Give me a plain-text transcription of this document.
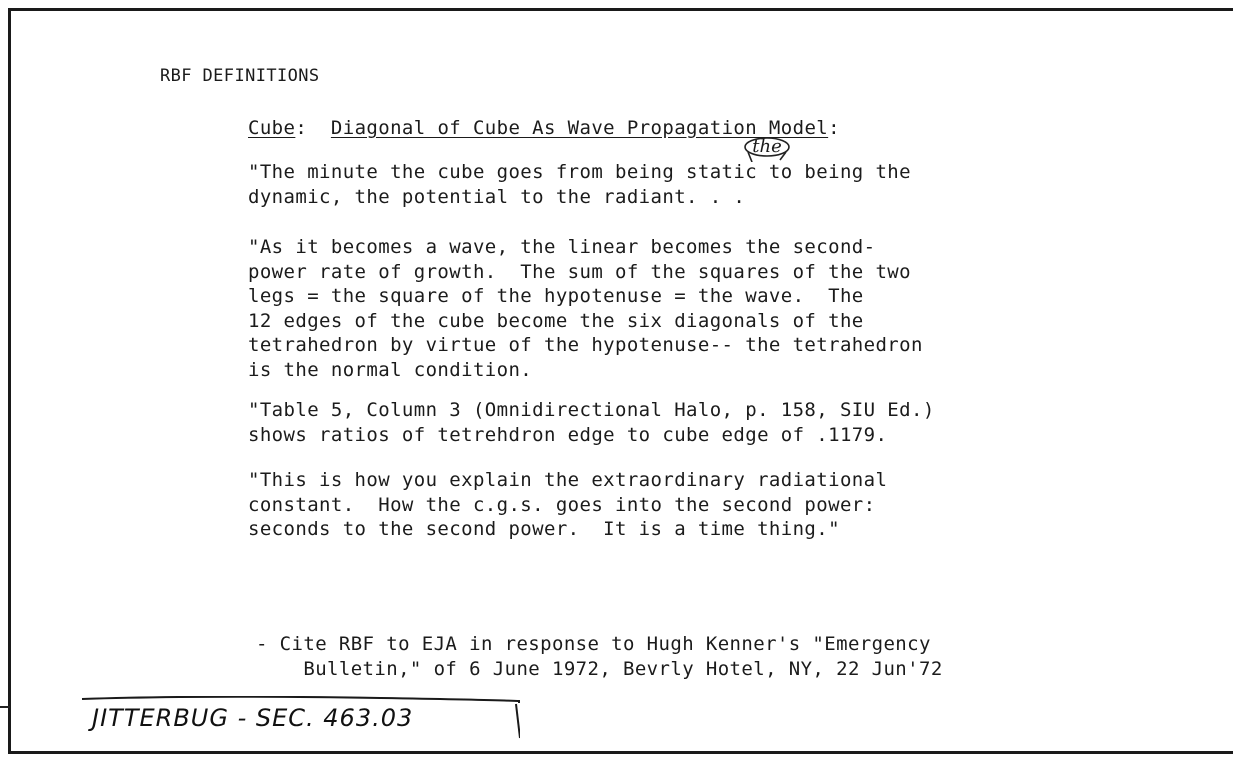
RBF DEFINITIONS
Cube: Diagonal of Cube As Wave Propagation Model:
the
"The minute the cube goes from being static to being the
dynamic, the potential to the radiant. . .
"As it becomes a wave, the linear becomes the second-
power rate of growth.  The sum of the squares of the two
legs = the square of the hypotenuse = the wave.  The
12 edges of the cube become the six diagonals of the
tetrahedron by virtue of the hypotenuse-- the tetrahedron
is the normal condition.
"Table 5, Column 3 (Omnidirectional Halo, p. 158, SIU Ed.)
shows ratios of tetrehdron edge to cube edge of .1179.
"This is how you explain the extraordinary radiational
constant.  How the c.g.s. goes into the second power:
seconds to the second power.  It is a time thing."
- Cite RBF to EJA in response to Hugh Kenner's "Emergency
Bulletin," of 6 June 1972, Bevrly Hotel, NY, 22 Jun'72
JITTERBUG - SEC. 463.03
